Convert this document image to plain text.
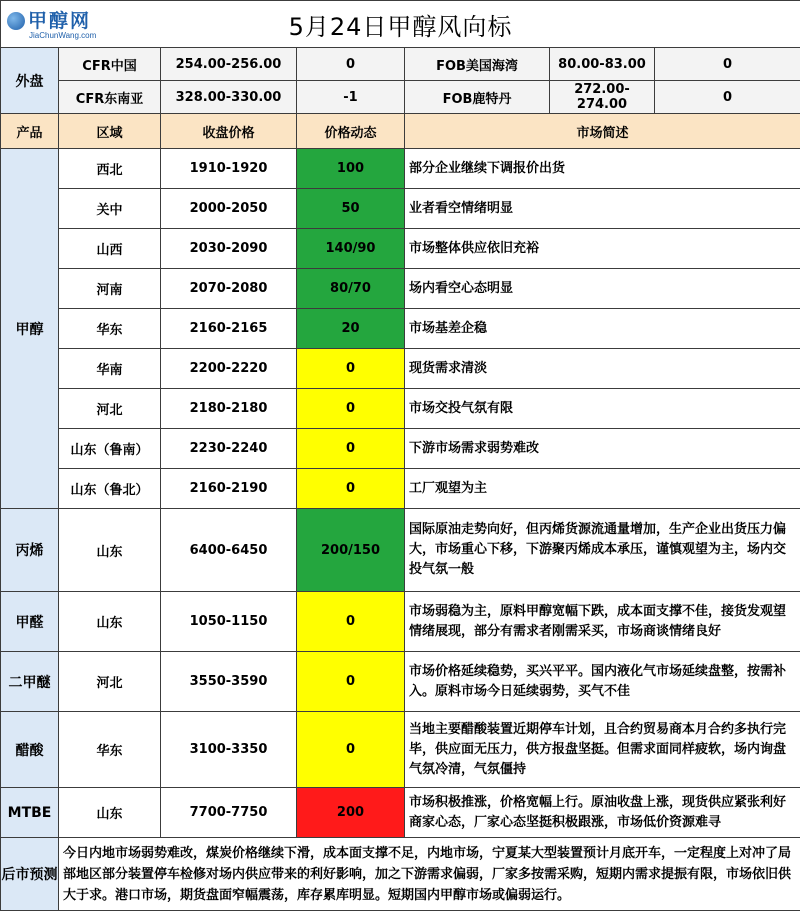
甲醇网
JiaChunWang.com 5月24日甲醇风向标						
外盘	CFR中国	254.00-256.00	0	FOB美国海湾	80.00-83.00	0
	CFR东南亚	328.00-330.00	-1	FOB鹿特丹	272.00-274.00	0
产品	区域	收盘价格	价格动态	市场简述		
甲醇	西北	1910-1920	100	部分企业继续下调报价出货		
	关中	2000-2050	50	业者看空情绪明显		
	山西	2030-2090	140/90	市场整体供应依旧充裕		
	河南	2070-2080	80/70	场内看空心态明显		
	华东	2160-2165	20	市场基差企稳		
	华南	2200-2220	0	现货需求清淡		
	河北	2180-2180	0	市场交投气氛有限		
	山东（鲁南）	2230-2240	0	下游市场需求弱势难改		
	山东（鲁北）	2160-2190	0	工厂观望为主		
丙烯	山东	6400-6450	200/150	国际原油走势向好，但丙烯货源流通量增加，生产企业出货压力偏大，市场重心下移，下游聚丙烯成本承压，谨慎观望为主，场内交投气氛一般		
甲醛	山东	1050-1150	0	市场弱稳为主，原料甲醇宽幅下跌，成本面支撑不佳，接货发观望情绪展现，部分有需求者刚需采买，市场商谈情绪良好		
二甲醚	河北	3550-3590	0	市场价格延续稳势，买兴平平。国内液化气市场延续盘整，按需补入。原料市场今日延续弱势，买气不佳		
醋酸	华东	3100-3350	0	当地主要醋酸装置近期停车计划，且合约贸易商本月合约多执行完毕，供应面无压力，供方报盘坚挺。但需求面同样疲软，场内询盘气氛冷清，气氛僵持		
MTBE	山东	7700-7750	200	市场积极推涨，价格宽幅上行。原油收盘上涨，现货供应紧张利好商家心态，厂家心态坚挺积极跟涨，市场低价资源难寻		
后市预测	今日内地市场弱势难改，煤炭价格继续下滑，成本面支撑不足，内地市场，宁夏某大型装置预计月底开车，一定程度上对冲了局部地区部分装置停车检修对场内供应带来的利好影响，加之下游需求偏弱，厂家多按需采购，短期内需求提振有限，市场依旧供大于求。港口市场，期货盘面窄幅震荡，库存累库明显。短期国内甲醇市场或偏弱运行。					
